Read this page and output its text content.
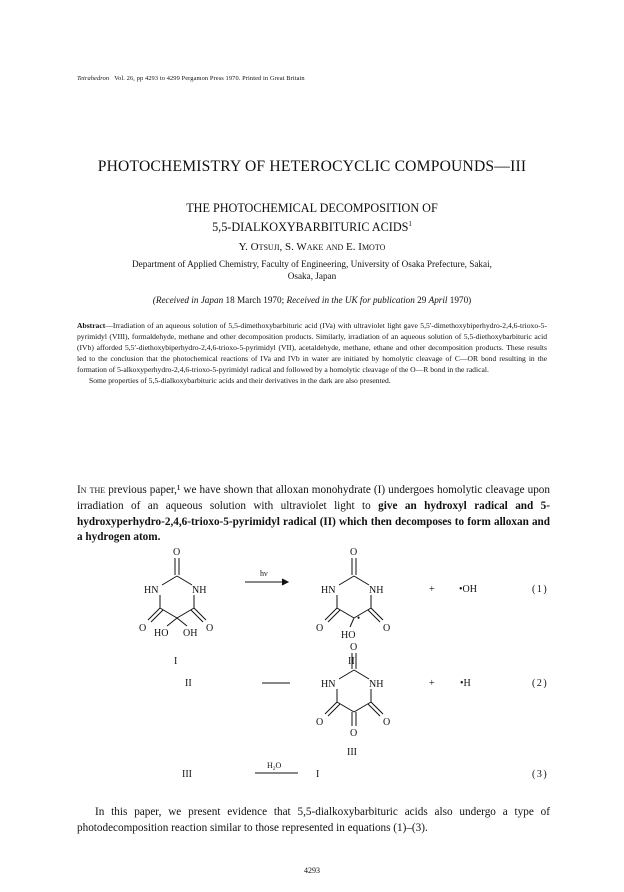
Tetrahedron Vol. 26, pp 4293 to 4299 Pergamon Press 1970. Printed in Great Britain
PHOTOCHEMISTRY OF HETEROCYCLIC COMPOUNDS—III
THE PHOTOCHEMICAL DECOMPOSITION OF
5,5-DIALKOXYBARBITURIC ACIDS$^1$
Y. Otsuji, S. Wake and E. Imoto
Department of Applied Chemistry, Faculty of Engineering, University of Osaka Prefecture, Sakai,
Osaka, Japan
(Received in Japan 18 March 1970; Received in the UK for publication 29 April 1970)

Abstract—Irradiation of an aqueous solution of 5,5-dimethoxybarbituric acid (IVa) with ultraviolet light gave 5,5′-dimethoxybiperhydro-2,4,6-trioxo-5-pyrimidyl (VIII), formaldehyde, methane and other decomposition products. Similarly, irradiation of an aqueous solution of 5,5-diethoxybarbituric acid (IVb) afforded 5,5′-diethoxybiperhydro-2,4,6-trioxo-5-pyrimidyl (VII), acetaldehyde, methane, ethane and other decomposition products. These results led to the conclusion that the photochemical reactions of IVa and IVb in water are initiated by homolytic cleavage of C—OR bond resulting in the formation of 5-alkoxyperhydro-2,4,6-trioxo-5-pyrimidyl radical and followed by a homolytic cleavage of the O—R bond in the radical.

Some properties of 5,5-dialkoxybarbituric acids and their derivatives in the dark are also presented.

In the previous paper,¹ we have shown that alloxan monohydrate (I) undergoes homolytic cleavage upon irradiation of an aqueous solution with ultraviolet light to give an hydroxyl radical and 5-hydroxyperhydro-2,4,6-trioxo-5-pyrimidyl radical (II) which then decomposes to form alloxan and a hydrogen atom.

O
HN	NH
O	O
HO OH
I
hν
O
HN	NH
O	O
HO
•
II
+ •OH	(1)
II
O
HN	NH
O	O
O
III
+	•H	(2)
III
$H_2O$
I	(3)

In this paper, we present evidence that 5,5-dialkoxybarbituric acids also undergo a type of photodecomposition reaction similar to those represented in equations (1)–(3).

4293
